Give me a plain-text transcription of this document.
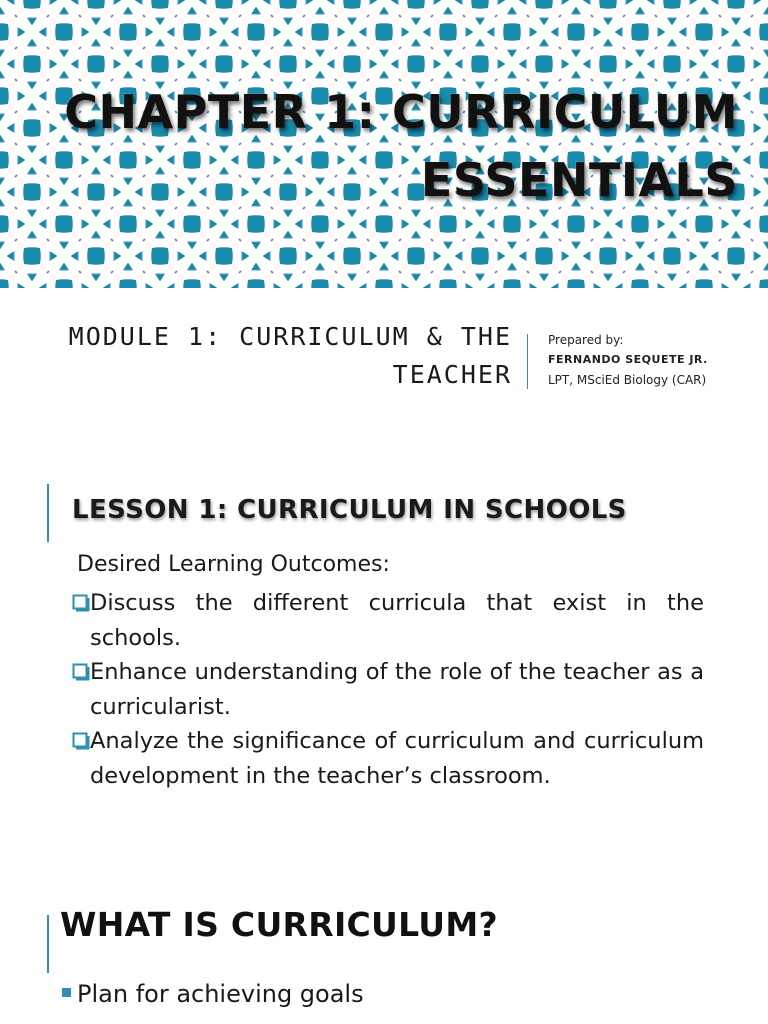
CHAPTER 1: CURRICULUM
ESSENTIALS
MODULE 1: CURRICULUM & THE
TEACHER
Prepared by:
FERNANDO SEQUETE JR.
LPT, MSciEd Biology (CAR)
LESSON 1: CURRICULUM IN SCHOOLS
Desired Learning Outcomes:
Discuss the different curricula that exist in the schools.
Enhance understanding of the role of the teacher as a curricularist.
Analyze the significance of curriculum and curriculum development in the teacher’s classroom.
WHAT IS CURRICULUM?
Plan for achieving goals
